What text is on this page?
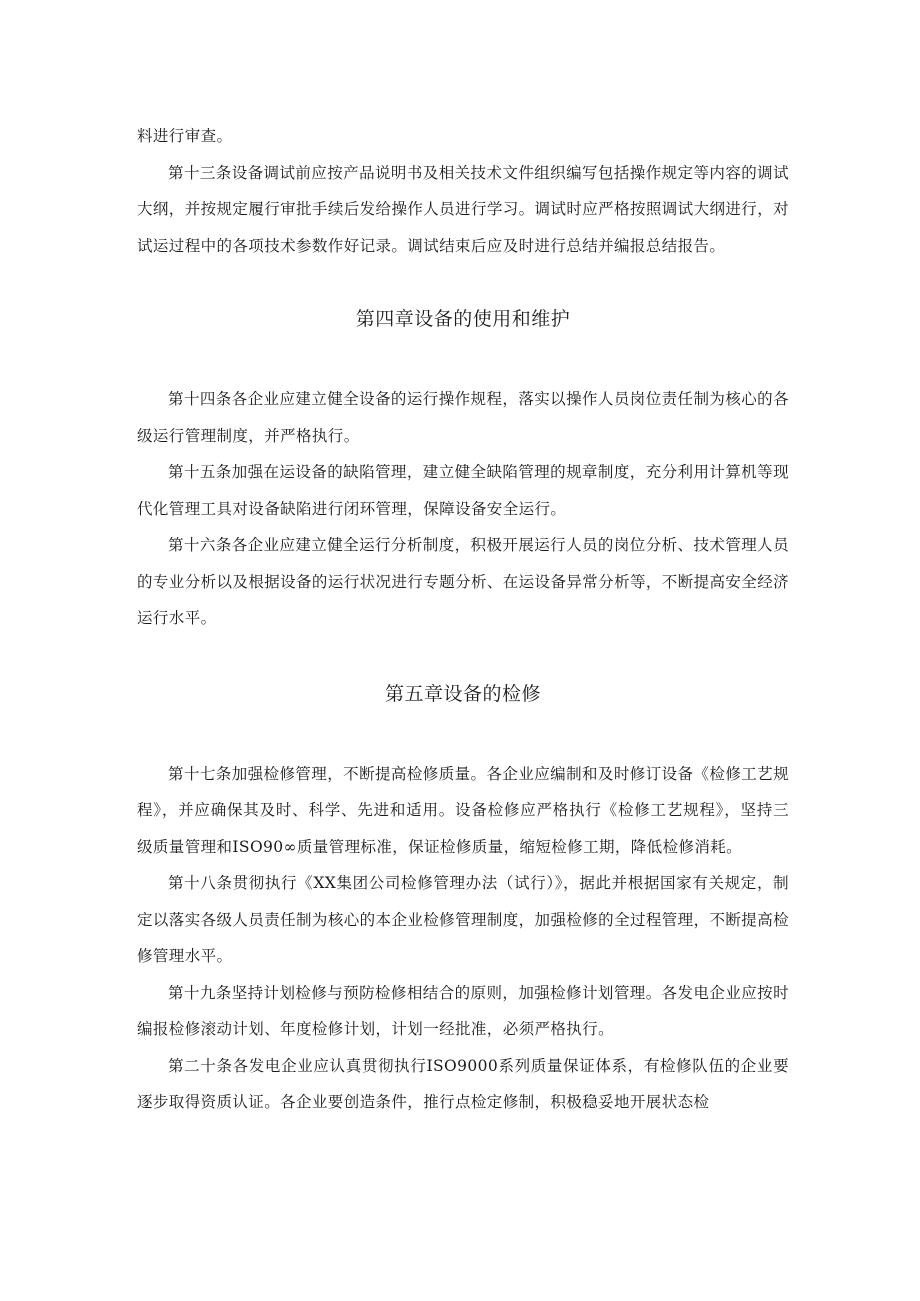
料进行审查。

第十三条设备调试前应按产品说明书及相关技术文件组织编写包括操作规定等内容的调试大纲，并按规定履行审批手续后发给操作人员进行学习。调试时应严格按照调试大纲进行，对试运过程中的各项技术参数作好记录。调试结束后应及时进行总结并编报总结报告。

第四章设备的使用和维护

第十四条各企业应建立健全设备的运行操作规程，落实以操作人员岗位责任制为核心的各级运行管理制度，并严格执行。

第十五条加强在运设备的缺陷管理，建立健全缺陷管理的规章制度，充分利用计算机等现代化管理工具对设备缺陷进行闭环管理，保障设备安全运行。

第十六条各企业应建立健全运行分析制度，积极开展运行人员的岗位分析、技术管理人员的专业分析以及根据设备的运行状况进行专题分析、在运设备异常分析等，不断提高安全经济运行水平。

第五章设备的检修

第十七条加强检修管理，不断提高检修质量。各企业应编制和及时修订设备《检修工艺规程》，并应确保其及时、科学、先进和适用。设备检修应严格执行《检修工艺规程》，坚持三级质量管理和ISO90∞质量管理标准，保证检修质量，缩短检修工期，降低检修消耗。

第十八条贯彻执行《XX集团公司检修管理办法（试行）》，据此并根据国家有关规定，制定以落实各级人员责任制为核心的本企业检修管理制度，加强检修的全过程管理，不断提高检修管理水平。

第十九条坚持计划检修与预防检修相结合的原则，加强检修计划管理。各发电企业应按时编报检修滚动计划、年度检修计划，计划一经批准，必须严格执行。

第二十条各发电企业应认真贯彻执行ISO9000系列质量保证体系，有检修队伍的企业要逐步取得资质认证。各企业要创造条件，推行点检定修制，积极稳妥地开展状态检
